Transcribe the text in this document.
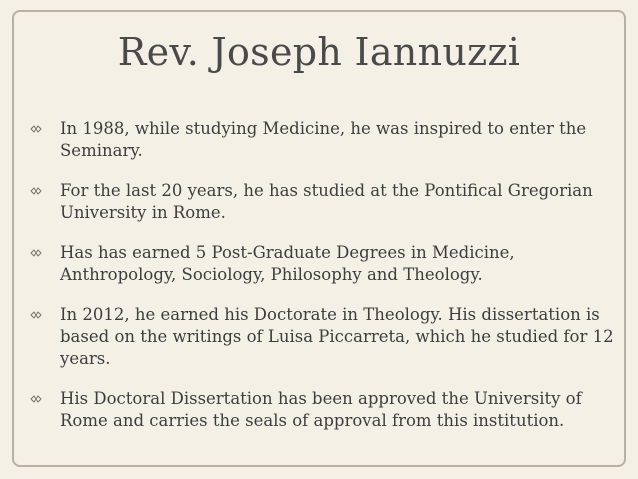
Rev. Joseph Iannuzzi
In 1988, while studying Medicine, he was inspired to enter the Seminary.
For the last 20 years, he has studied at the Pontifical Gregorian University in Rome.
Has has earned 5 Post-Graduate Degrees in Medicine, Anthropology, Sociology, Philosophy and Theology.
In 2012, he earned his Doctorate in Theology. His dissertation is based on the writings of Luisa Piccarreta, which he studied for 12 years.
His Doctoral Dissertation has been approved the University of Rome and carries the seals of approval from this institution.
